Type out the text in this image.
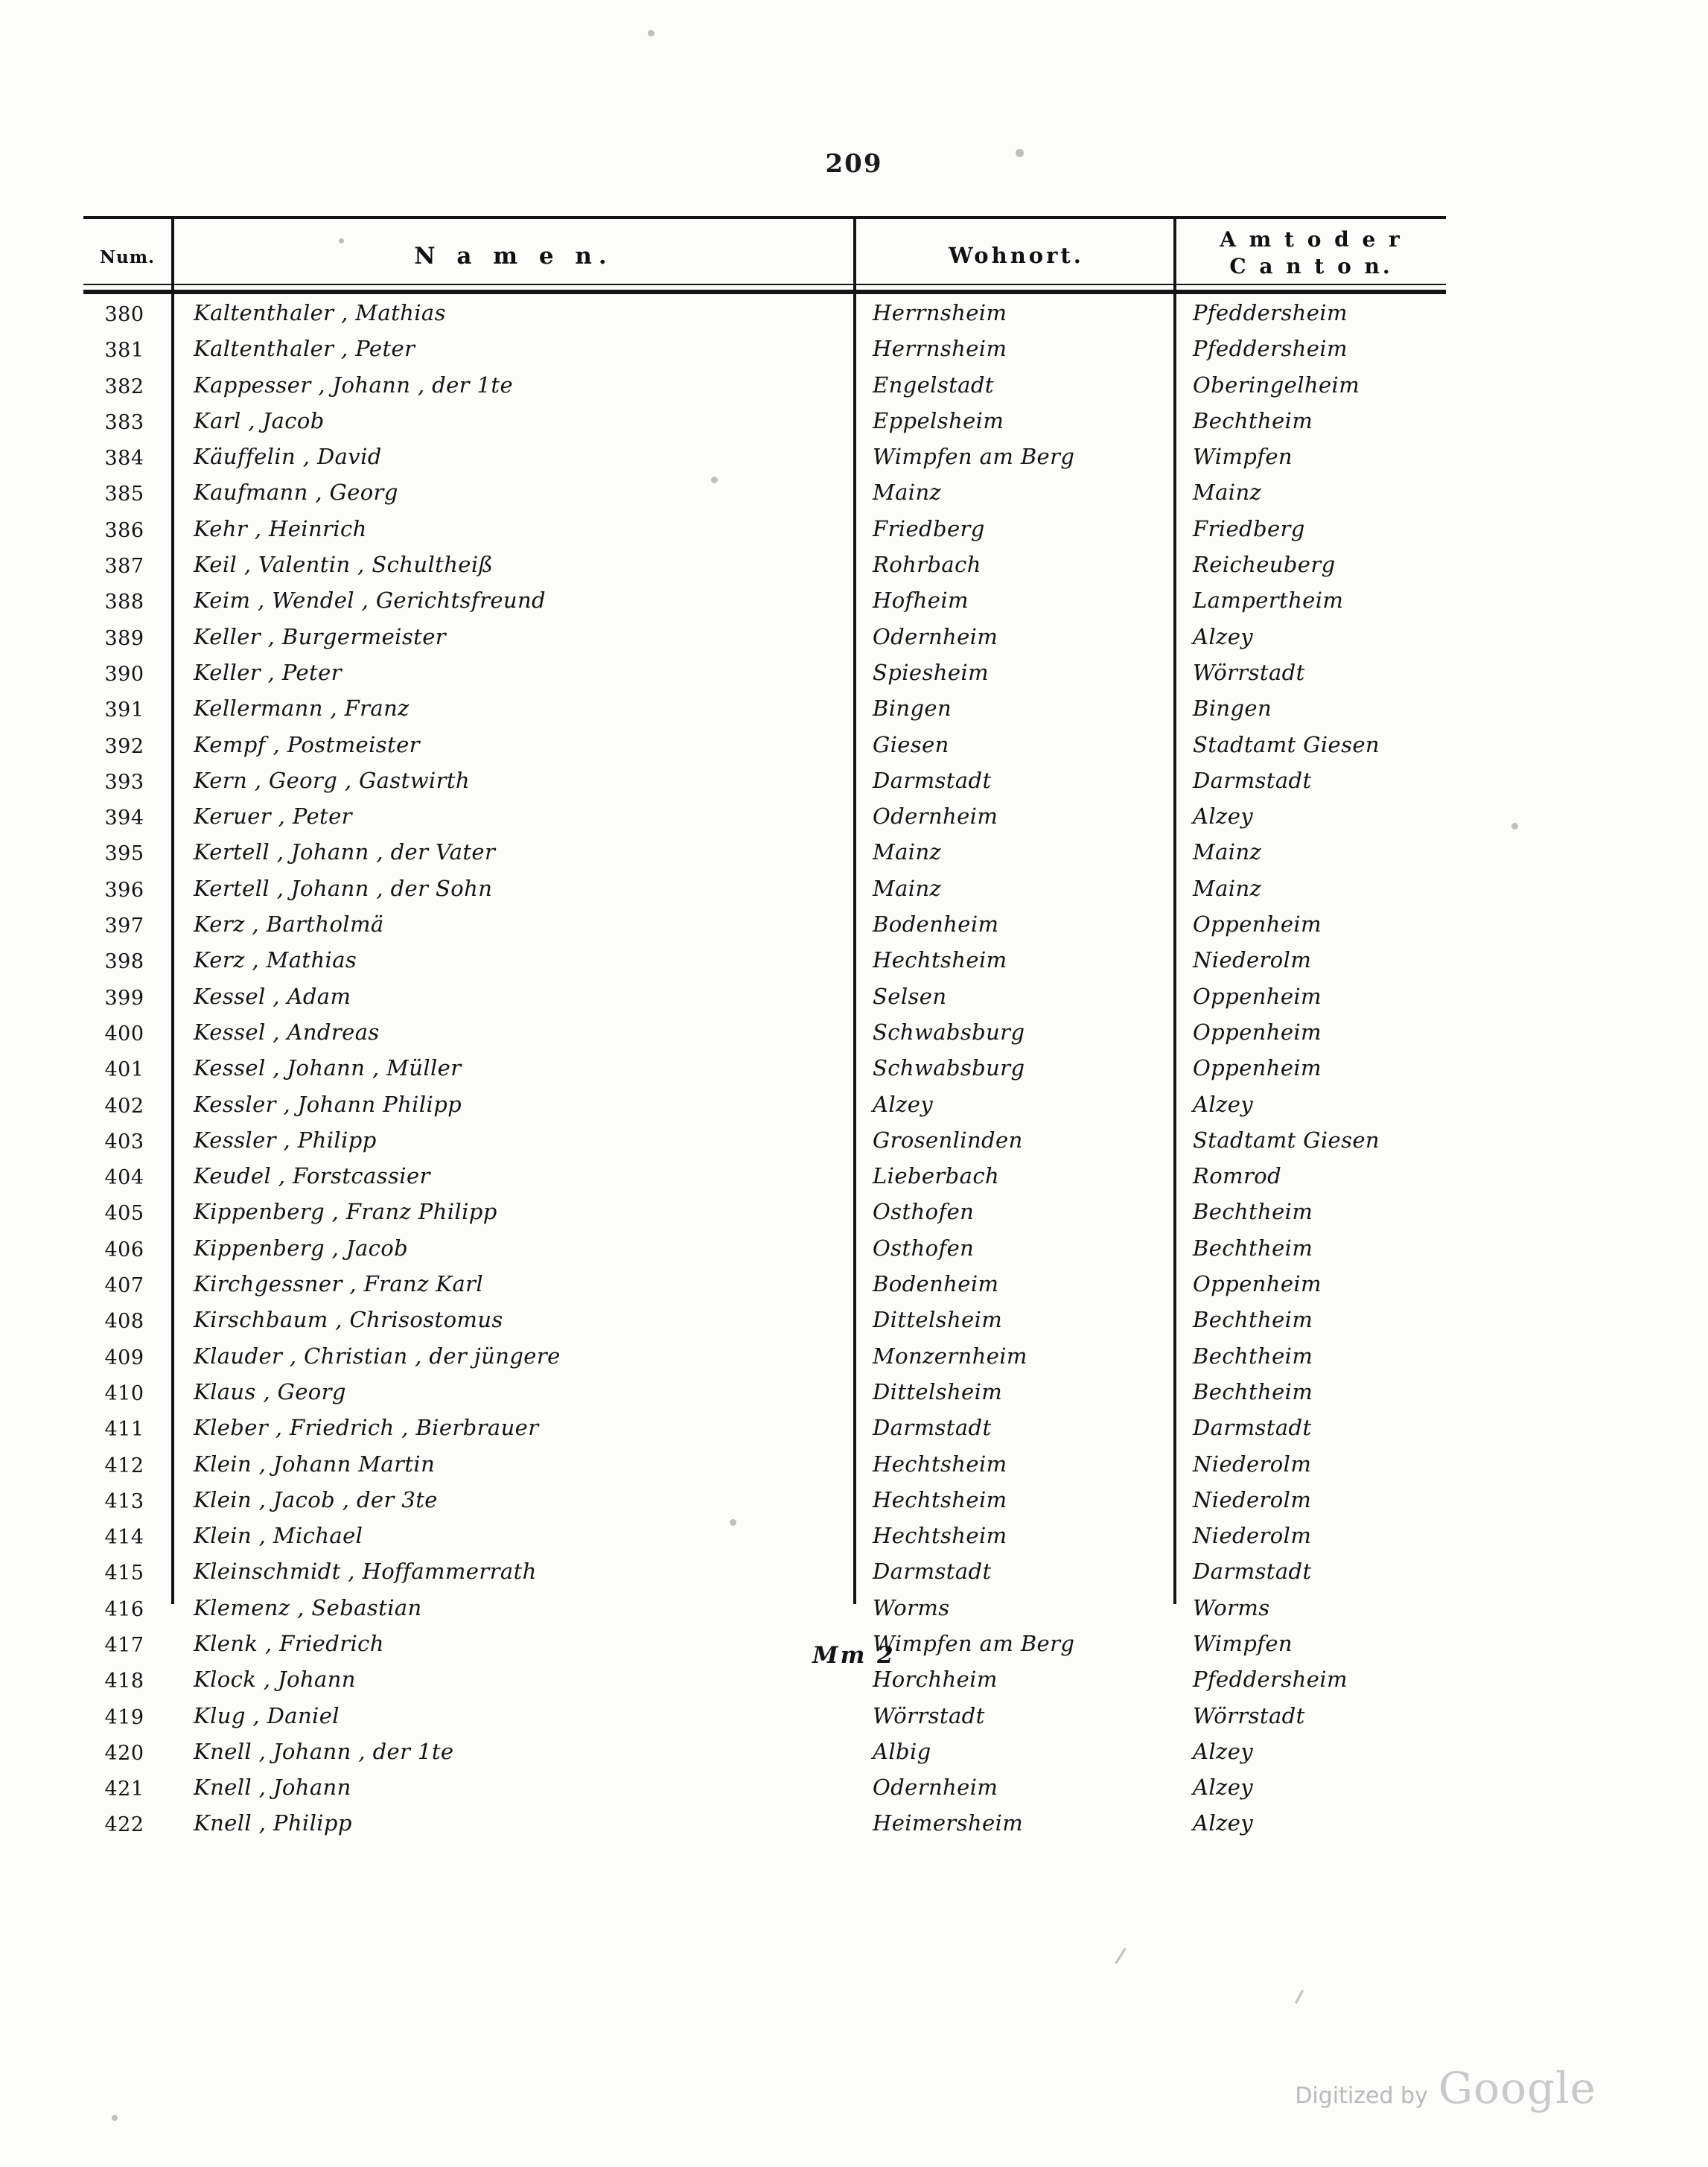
209
Num.	N a m e n.	Wohnort.
A m t o d e r
C a n t o n.
380	Kaltenthaler , Mathias	Herrnsheim	Pfeddersheim
381	Kaltenthaler , Peter	Herrnsheim	Pfeddersheim
382	Kappesser , Johann , der 1te	Engelstadt	Oberingelheim
383	Karl , Jacob	Eppelsheim	Bechtheim
384	Käuffelin , David	Wimpfen am Berg	Wimpfen
385	Kaufmann , Georg	Mainz	Mainz
386	Kehr , Heinrich	Friedberg	Friedberg
387	Keil , Valentin , Schultheiß	Rohrbach	Reicheuberg
388	Keim , Wendel , Gerichtsfreund	Hofheim	Lampertheim
389	Keller , Burgermeister	Odernheim	Alzey
390	Keller , Peter	Spiesheim	Wörrstadt
391	Kellermann , Franz	Bingen	Bingen
392	Kempf , Postmeister	Giesen	Stadtamt Giesen
393	Kern , Georg , Gastwirth	Darmstadt	Darmstadt
394	Keruer , Peter	Odernheim	Alzey
395	Kertell , Johann , der Vater	Mainz	Mainz
396	Kertell , Johann , der Sohn	Mainz	Mainz
397	Kerz , Bartholmä	Bodenheim	Oppenheim
398	Kerz , Mathias	Hechtsheim	Niederolm
399	Kessel , Adam	Selsen	Oppenheim
400	Kessel , Andreas	Schwabsburg	Oppenheim
401	Kessel , Johann , Müller	Schwabsburg	Oppenheim
402	Kessler , Johann Philipp	Alzey	Alzey
403	Kessler , Philipp	Grosenlinden	Stadtamt Giesen
404	Keudel , Forstcassier	Lieberbach	Romrod
405	Kippenberg , Franz Philipp	Osthofen	Bechtheim
406	Kippenberg , Jacob	Osthofen	Bechtheim
407	Kirchgessner , Franz Karl	Bodenheim	Oppenheim
408	Kirschbaum , Chrisostomus	Dittelsheim	Bechtheim
409	Klauder , Christian , der jüngere	Monzernheim	Bechtheim
410	Klaus , Georg	Dittelsheim	Bechtheim
411	Kleber , Friedrich , Bierbrauer	Darmstadt	Darmstadt
412	Klein , Johann Martin	Hechtsheim	Niederolm
413	Klein , Jacob , der 3te	Hechtsheim	Niederolm
414	Klein , Michael	Hechtsheim	Niederolm
415	Kleinschmidt , Hoffammerrath	Darmstadt	Darmstadt
416	Klemenz , Sebastian	Worms	Worms
417	Klenk , Friedrich	Wimpfen am Berg	Wimpfen
418	Klock , Johann	Horchheim	Pfeddersheim
419	Klug , Daniel	Wörrstadt	Wörrstadt
420	Knell , Johann , der 1te	Albig	Alzey
421	Knell , Johann	Odernheim	Alzey
422	Knell , Philipp	Heimersheim	Alzey
Mm 2
Digitized by Google
